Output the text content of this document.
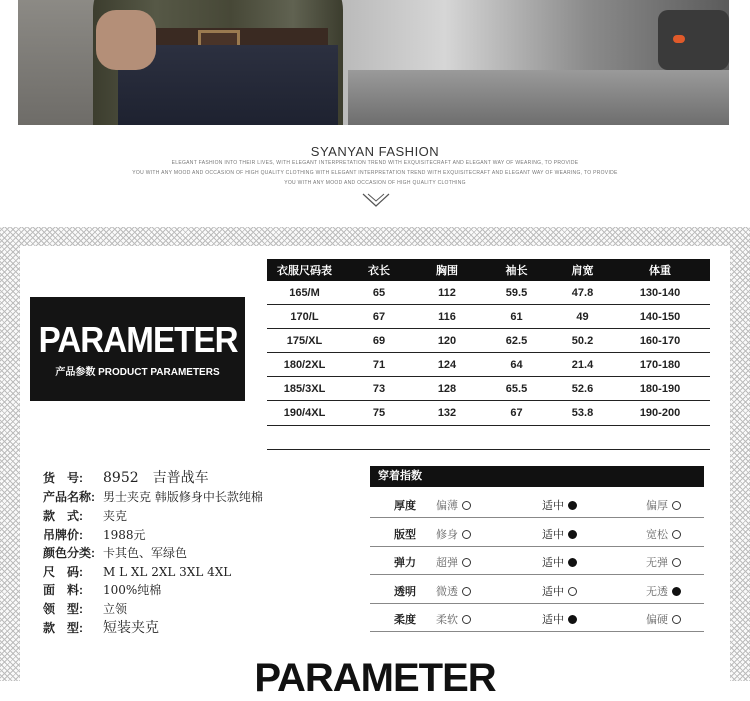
SYANYAN FASHION
ELEGANT FASHION INTO THEIR LIVES, WITH ELEGANT INTERPRETATION TREND WITH EXQUISITECRAFT AND ELEGANT WAY OF WEARING, TO PROVIDE
YOU WITH ANY MOOD AND OCCASION OF HIGH QUALITY CLOTHING WITH ELEGANT INTERPRETATION TREND WITH EXQUISITECRAFT AND ELEGANT WAY OF WEARING, TO PROVIDE
YOU WITH ANY MOOD AND OCCASION OF HIGH QUALITY CLOTHING
PARAMETER
产品参数 PRODUCT PARAMETERS
衣服尺码表	衣长	胸围	袖长	肩宽	体重
165/M	65	112	59.5	47.8	130-140
170/L	67	116	61	49	140-150
175/XL	69	120	62.5	50.2	160-170
180/2XL	71	124	64	21.4	170-180
185/3XL	73	128	65.5	52.6	180-190
190/4XL	75	132	67	53.8	190-200
货　号: 8952　吉普战车
产品名称: 男士夹克 韩版修身中长款纯棉
款　式: 夹克
吊牌价: 1988元
颜色分类: 卡其色、军绿色
尺　码: M L XL 2XL 3XL 4XL
面　料: 100%纯棉
领　型: 立领
款　型: 短装夹克
穿着指数
厚度 偏薄	适中	偏厚
版型 修身	适中	宽松
弹力 超弹	适中	无弹
透明 微透	适中	无透
柔度 柔软	适中	偏硬
PARAMETER
